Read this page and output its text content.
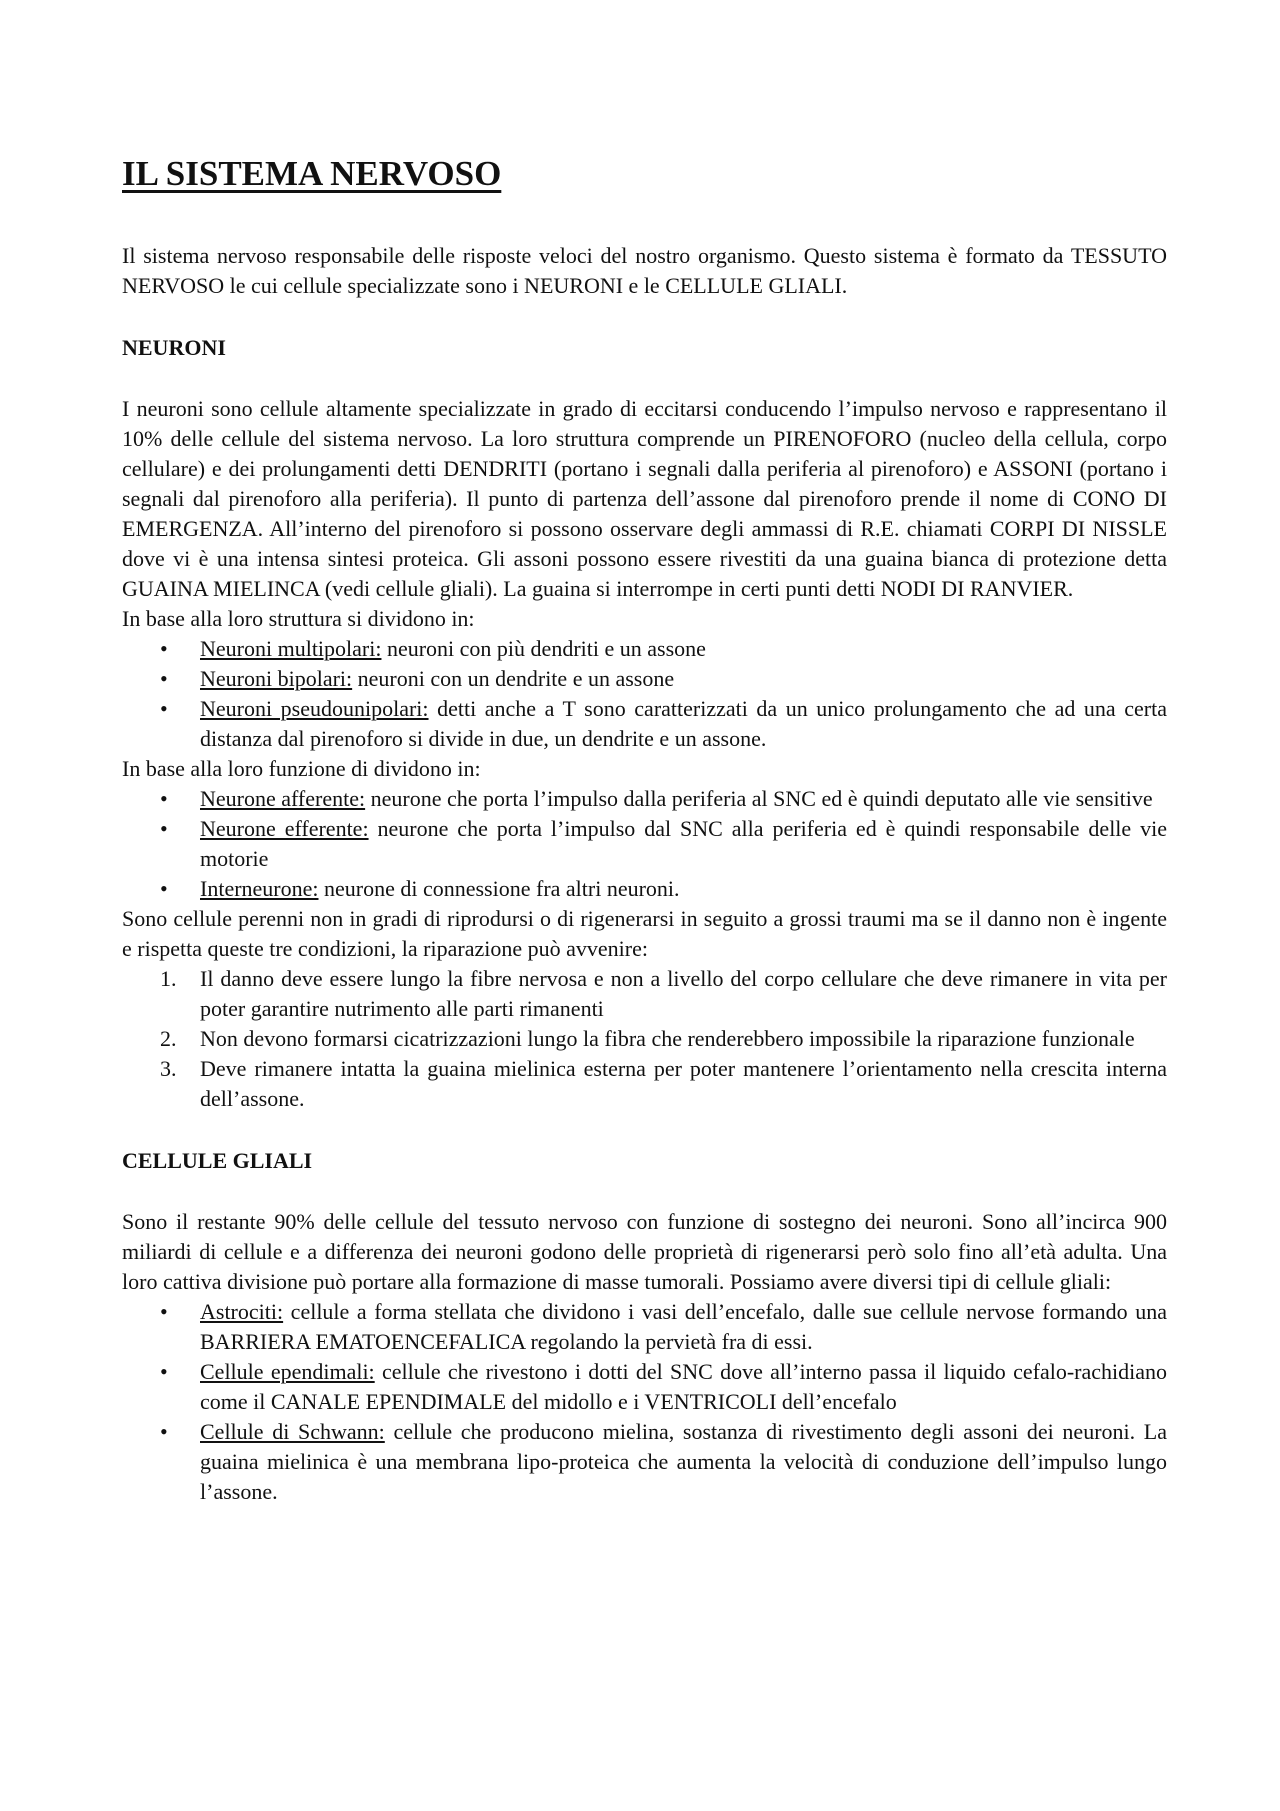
IL SISTEMA NERVOSO

Il sistema nervoso responsabile delle risposte veloci del nostro organismo. Questo sistema è formato da TESSUTO NERVOSO le cui cellule specializzate sono i NEURONI e le CELLULE GLIALI.

NEURONI

I neuroni sono cellule altamente specializzate in grado di eccitarsi conducendo l’impulso nervoso e rappresentano il 10% delle cellule del sistema nervoso. La loro struttura comprende un PIRENOFORO (nucleo della cellula, corpo cellulare) e dei prolungamenti detti DENDRITI (portano i segnali dalla periferia al pirenoforo) e ASSONI (portano i segnali dal pirenoforo alla periferia). Il punto di partenza dell’assone dal pirenoforo prende il nome di CONO DI EMERGENZA. All’interno del pirenoforo si possono osservare degli ammassi di R.E. chiamati CORPI DI NISSLE dove vi è una intensa sintesi proteica. Gli assoni possono essere rivestiti da una guaina bianca di protezione detta GUAINA MIELINCA (vedi cellule gliali). La guaina si interrompe in certi punti detti NODI DI RANVIER.

In base alla loro struttura si dividono in:

• Neuroni multipolari: neuroni con più dendriti e un assone
• Neuroni bipolari: neuroni con un dendrite e un assone
• Neuroni pseudounipolari: detti anche a T sono caratterizzati da un unico prolungamento che ad una certa distanza dal pirenoforo si divide in due, un dendrite e un assone.

In base alla loro funzione di dividono in:

• Neurone afferente: neurone che porta l’impulso dalla periferia al SNC ed è quindi deputato alle vie sensitive
• Neurone efferente: neurone che porta l’impulso dal SNC alla periferia ed è quindi responsabile delle vie motorie
• Interneurone: neurone di connessione fra altri neuroni.

Sono cellule perenni non in gradi di riprodursi o di rigenerarsi in seguito a grossi traumi ma se il danno non è ingente e rispetta queste tre condizioni, la riparazione può avvenire:

1. Il danno deve essere lungo la fibre nervosa e non a livello del corpo cellulare che deve rimanere in vita per poter garantire nutrimento alle parti rimanenti
2. Non devono formarsi cicatrizzazioni lungo la fibra che renderebbero impossibile la riparazione funzionale
3. Deve rimanere intatta la guaina mielinica esterna per poter mantenere l’orientamento nella crescita interna dell’assone.
CELLULE GLIALI

Sono il restante 90% delle cellule del tessuto nervoso con funzione di sostegno dei neuroni. Sono all’incirca 900 miliardi di cellule e a differenza dei neuroni godono delle proprietà di rigenerarsi però solo fino all’età adulta. Una loro cattiva divisione può portare alla formazione di masse tumorali. Possiamo avere diversi tipi di cellule gliali:

• Astrociti: cellule a forma stellata che dividono i vasi dell’encefalo, dalle sue cellule nervose formando una BARRIERA EMATOENCEFALICA regolando la pervietà fra di essi.
• Cellule ependimali: cellule che rivestono i dotti del SNC dove all’interno passa il liquido cefalo-rachidiano come il CANALE EPENDIMALE del midollo e i VENTRICOLI dell’encefalo
• Cellule di Schwann: cellule che producono mielina, sostanza di rivestimento degli assoni dei neuroni. La guaina mielinica è una membrana lipo-proteica che aumenta la velocità di conduzione dell’impulso lungo l’assone.
